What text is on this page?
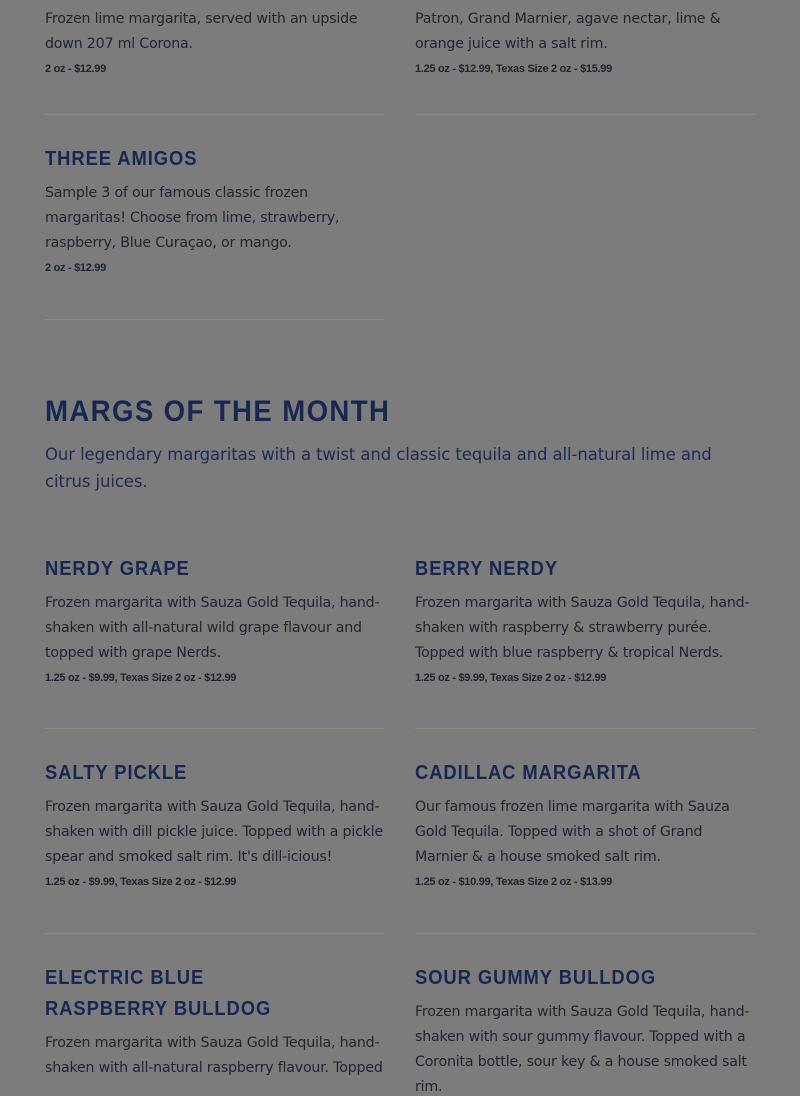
Frozen lime margarita, served with an upside down 207 ml Corona.

2 oz - $12.99

Patron, Grand Marnier, agave nectar, lime & orange juice with a salt rim.

1.25 oz - $12.99, Texas Size 2 oz - $15.99
THREE AMIGOS

Sample 3 of our famous classic frozen margaritas! Choose from lime, strawberry, raspberry, Blue Curaçao, or mango.

2 oz - $12.99
MARGS OF THE MONTH

Our legendary margaritas with a twist and classic tequila and all-natural lime and citrus juices.

NERDY GRAPE

Frozen margarita with Sauza Gold Tequila, hand-shaken with all-natural wild grape flavour and topped with grape Nerds.

1.25 oz - $9.99, Texas Size 2 oz - $12.99
BERRY NERDY

Frozen margarita with Sauza Gold Tequila, hand-shaken with raspberry & strawberry purée. Topped with blue raspberry & tropical Nerds.

1.25 oz - $9.99, Texas Size 2 oz - $12.99
SALTY PICKLE

Frozen margarita with Sauza Gold Tequila, hand-shaken with dill pickle juice. Topped with a pickle spear and smoked salt rim. It's dill-icious!

1.25 oz - $9.99, Texas Size 2 oz - $12.99
CADILLAC MARGARITA

Our famous frozen lime margarita with Sauza Gold Tequila. Topped with a shot of Grand Marnier & a house smoked salt rim.

1.25 oz - $10.99, Texas Size 2 oz - $13.99
ELECTRIC BLUE RASPBERRY BULLDOG

Frozen margarita with Sauza Gold Tequila, hand-shaken with all-natural raspberry flavour. Topped

SOUR GUMMY BULLDOG

Frozen margarita with Sauza Gold Tequila, hand-shaken with sour gummy flavour. Topped with a Coronita bottle, sour key & a house smoked salt rim.
